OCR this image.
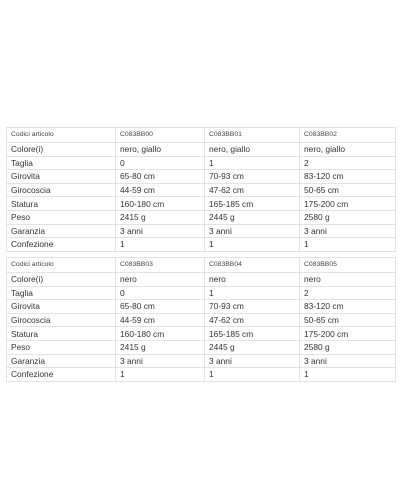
Codici articolo	C083BB00	C083BB01	C083BB02
Colore(i)	nero, giallo	nero, giallo	nero, giallo
Taglia	0	1	2
Girovita	65-80 cm	70-93 cm	83-120 cm
Girocoscia	44-59 cm	47-62 cm	50-65 cm
Statura	160-180 cm	165-185 cm	175-200 cm
Peso	2415 g	2445 g	2580 g
Garanzia	3 anni	3 anni	3 anni
Confezione	1	1	1
Codici articolo	C083BB03	C083BB04	C083BB05
Colore(i)	nero	nero	nero
Taglia	0	1	2
Girovita	65-80 cm	70-93 cm	83-120 cm
Girocoscia	44-59 cm	47-62 cm	50-65 cm
Statura	160-180 cm	165-185 cm	175-200 cm
Peso	2415 g	2445 g	2580 g
Garanzia	3 anni	3 anni	3 anni
Confezione	1	1	1
